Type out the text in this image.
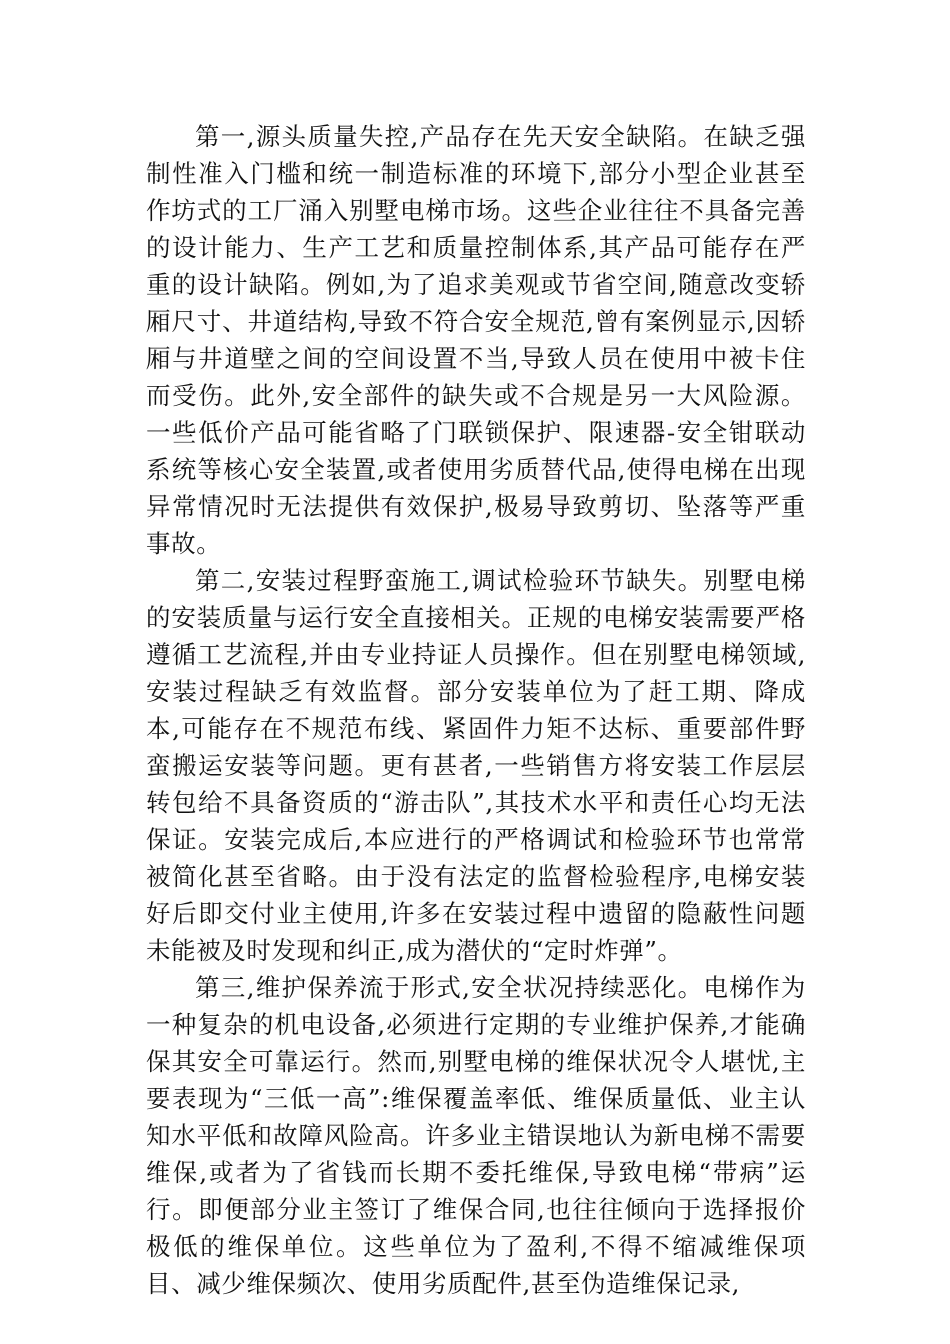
第一,源头质量失控,产品存在先天安全缺陷。在缺乏强制性准入门槛和统一制造标准的环境下,部分小型企业甚至作坊式的工厂涌入别墅电梯市场。这些企业往往不具备完善的设计能力、生产工艺和质量控制体系,其产品可能存在严重的设计缺陷。例如,为了追求美观或节省空间,随意改变轿厢尺寸、井道结构,导致不符合安全规范,曾有案例显示,因轿厢与井道壁之间的空间设置不当,导致人员在使用中被卡住而受伤。此外,安全部件的缺失或不合规是另一大风险源。一些低价产品可能省略了门联锁保护、限速器-安全钳联动系统等核心安全装置,或者使用劣质替代品,使得电梯在出现异常情况时无法提供有效保护,极易导致剪切、坠落等严重事故。

第二,安装过程野蛮施工,调试检验环节缺失。别墅电梯的安装质量与运行安全直接相关。正规的电梯安装需要严格遵循工艺流程,并由专业持证人员操作。但在别墅电梯领域,安装过程缺乏有效监督。部分安装单位为了赶工期、降成本,可能存在不规范布线、紧固件力矩不达标、重要部件野蛮搬运安装等问题。更有甚者,一些销售方将安装工作层层转包给不具备资质的“游击队”,其技术水平和责任心均无法保证。安装完成后,本应进行的严格调试和检验环节也常常被简化甚至省略。由于没有法定的监督检验程序,电梯安装好后即交付业主使用,许多在安装过程中遗留的隐蔽性问题未能被及时发现和纠正,成为潜伏的“定时炸弹”。

第三,维护保养流于形式,安全状况持续恶化。电梯作为一种复杂的机电设备,必须进行定期的专业维护保养,才能确保其安全可靠运行。然而,别墅电梯的维保状况令人堪忧,主要表现为“三低一高”:维保覆盖率低、维保质量低、业主认知水平低和故障风险高。许多业主错误地认为新电梯不需要维保,或者为了省钱而长期不委托维保,导致电梯“带病”运行。即便部分业主签订了维保合同,也往往倾向于选择报价极低的维保单位。这些单位为了盈利,不得不缩减维保项目、减少维保频次、使用劣质配件,甚至伪造维保记录,
